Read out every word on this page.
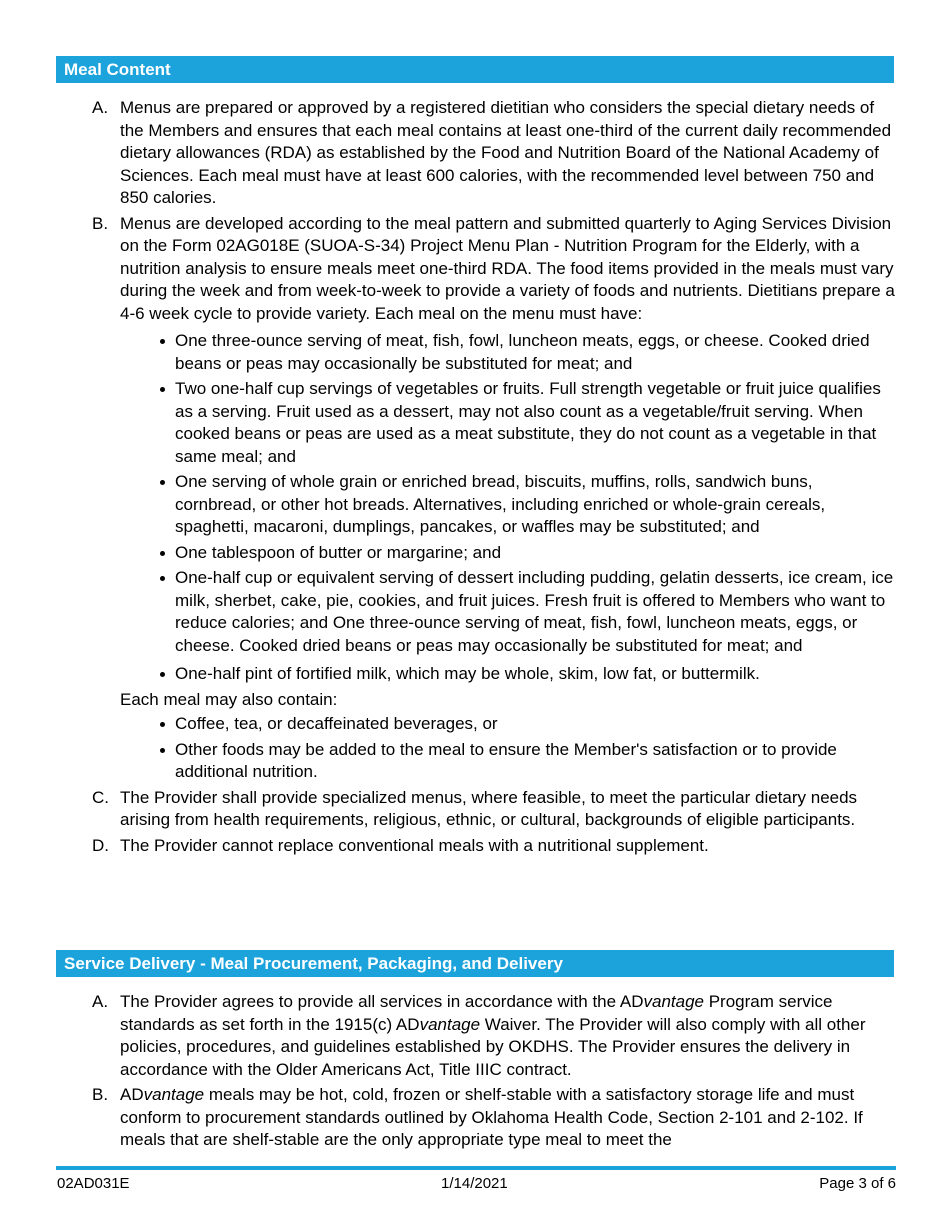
Meal Content
A. Menus are prepared or approved by a registered dietitian who considers the special dietary needs of the Members and ensures that each meal contains at least one-third of the current daily recommended dietary allowances (RDA) as established by the Food and Nutrition Board of the National Academy of Sciences. Each meal must have at least 600 calories, with the recommended level between 750 and 850 calories.
B. Menus are developed according to the meal pattern and submitted quarterly to Aging Services Division on the Form 02AG018E (SUOA-S-34) Project Menu Plan - Nutrition Program for the Elderly, with a nutrition analysis to ensure meals meet one-third RDA. The food items provided in the meals must vary during the week and from week-to-week to provide a variety of foods and nutrients. Dietitians prepare a 4-6 week cycle to provide variety. Each meal on the menu must have:
One three-ounce serving of meat, fish, fowl, luncheon meats, eggs, or cheese. Cooked dried beans or peas may occasionally be substituted for meat; and
Two one-half cup servings of vegetables or fruits. Full strength vegetable or fruit juice qualifies as a serving. Fruit used as a dessert, may not also count as a vegetable/fruit serving. When cooked beans or peas are used as a meat substitute, they do not count as a vegetable in that same meal; and
One serving of whole grain or enriched bread, biscuits, muffins, rolls, sandwich buns, cornbread, or other hot breads. Alternatives, including enriched or whole-grain cereals, spaghetti, macaroni, dumplings, pancakes, or waffles may be substituted; and
One tablespoon of butter or margarine; and
One-half cup or equivalent serving of dessert including pudding, gelatin desserts, ice cream, ice milk, sherbet, cake, pie, cookies, and fruit juices. Fresh fruit is offered to Members who want to reduce calories; and One three-ounce serving of meat, fish, fowl, luncheon meats, eggs, or cheese. Cooked dried beans or peas may occasionally be substituted for meat; and
One-half pint of fortified milk, which may be whole, skim, low fat, or buttermilk.

Each meal may also contain:

Coffee, tea, or decaffeinated beverages, or
Other foods may be added to the meal to ensure the Member's satisfaction or to provide additional nutrition.
C. The Provider shall provide specialized menus, where feasible, to meet the particular dietary needs arising from health requirements, religious, ethnic, or cultural, backgrounds of eligible participants.
D. The Provider cannot replace conventional meals with a nutritional supplement.
Service Delivery - Meal Procurement, Packaging, and Delivery
A. The Provider agrees to provide all services in accordance with the ADvantage Program service standards as set forth in the 1915(c) ADvantage Waiver. The Provider will also comply with all other policies, procedures, and guidelines established by OKDHS. The Provider ensures the delivery in accordance with the Older Americans Act, Title IIIC contract.
B. ADvantage meals may be hot, cold, frozen or shelf-stable with a satisfactory storage life and must conform to procurement standards outlined by Oklahoma Health Code, Section 2-101 and 2-102. If meals that are shelf-stable are the only appropriate type meal to meet the
02AD031E	1/14/2021	Page 3 of 6
